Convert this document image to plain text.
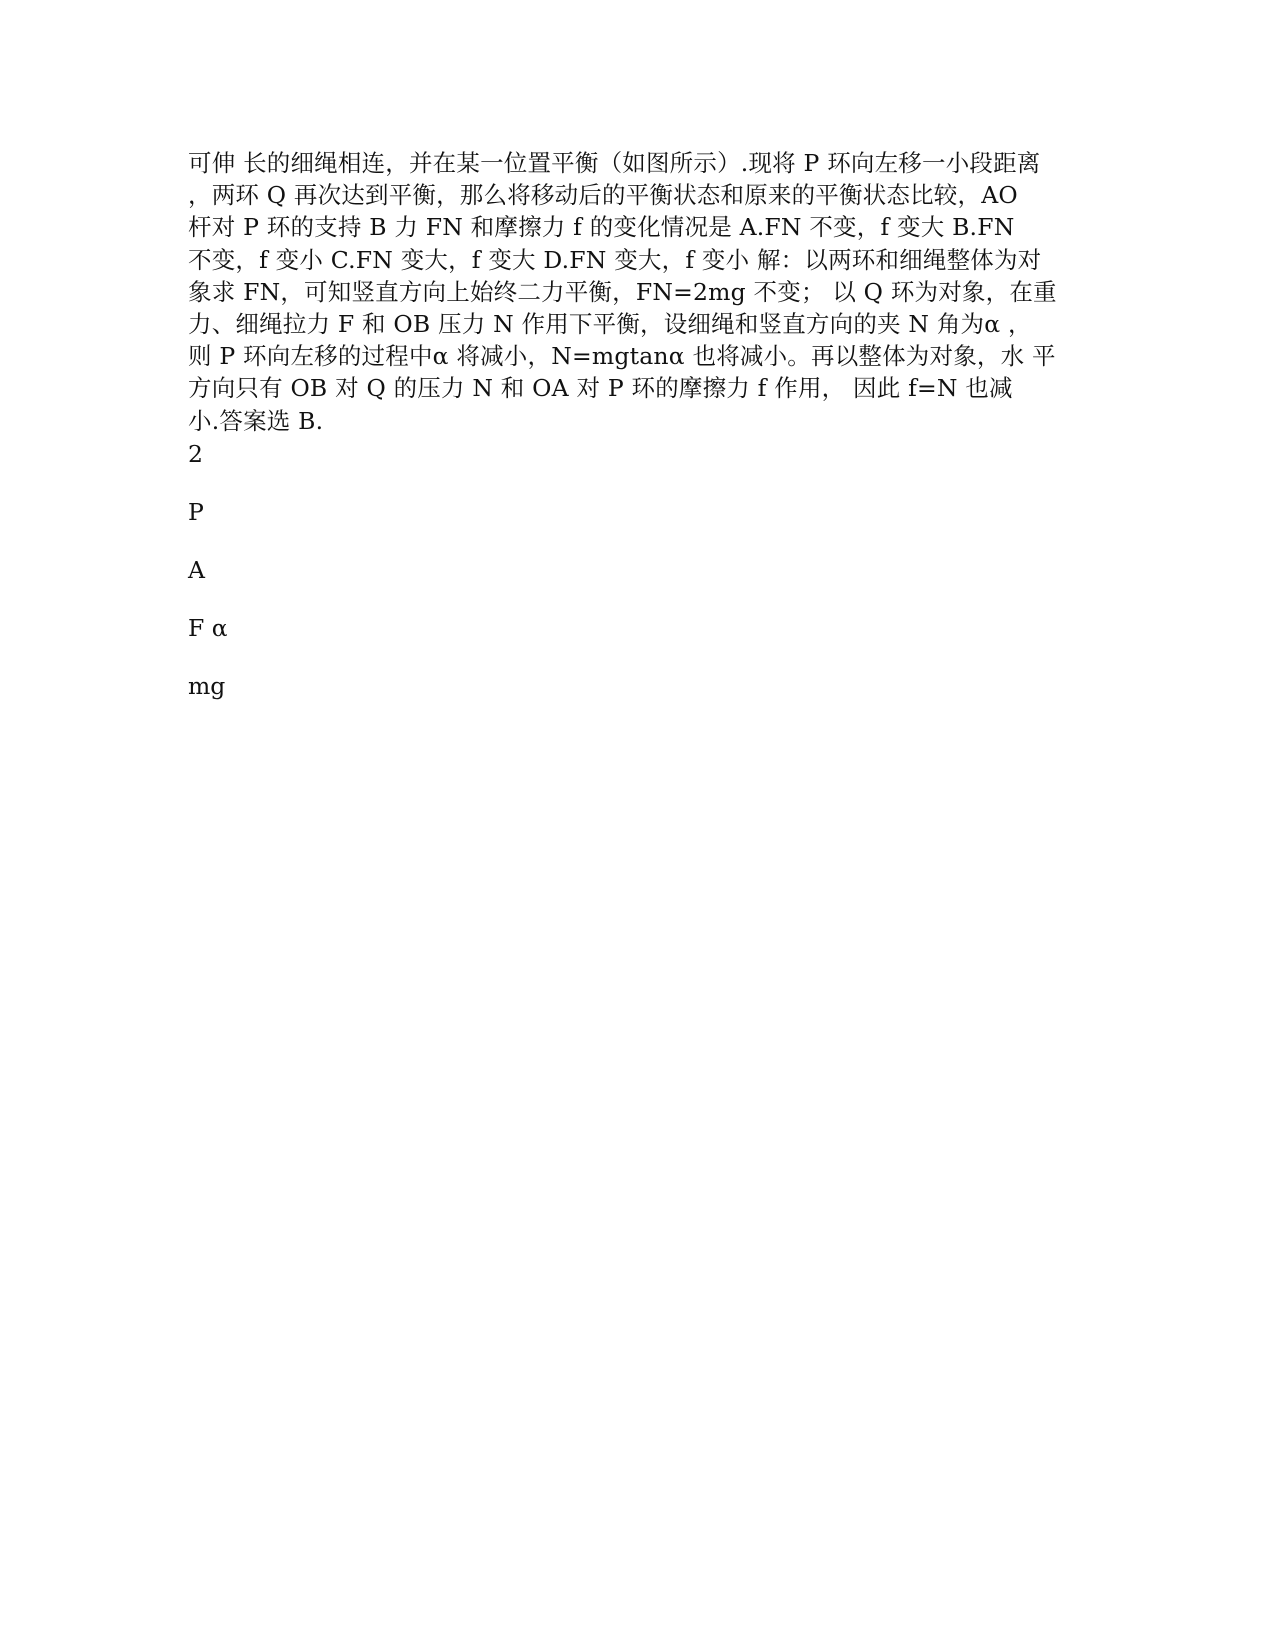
可伸 长的细绳相连，并在某一位置平衡（如图所示）.现将 P 环向左移一小段距离
，两环 Q 再次达到平衡，那么将移动后的平衡状态和原来的平衡状态比较，AO
杆对 P 环的支持 B 力 FN 和摩擦力 f 的变化情况是 A.FN 不变，f 变大 B.FN
不变，f 变小 C.FN 变大，f 变大 D.FN 变大，f 变小 解：以两环和细绳整体为对
象求 FN，可知竖直方向上始终二力平衡，FN=2mg 不变； 以 Q 环为对象，在重
力、细绳拉力 F 和 OB 压力 N 作用下平衡，设细绳和竖直方向的夹 N 角为α ，
则 P 环向左移的过程中α 将减小，N=mgtanα 也将减小。再以整体为对象，水 平
方向只有 OB 对 Q 的压力 N 和 OA 对 P 环的摩擦力 f 作用， 因此 f=N 也减
小.答案选 B.
2
P
A
F α
mg
